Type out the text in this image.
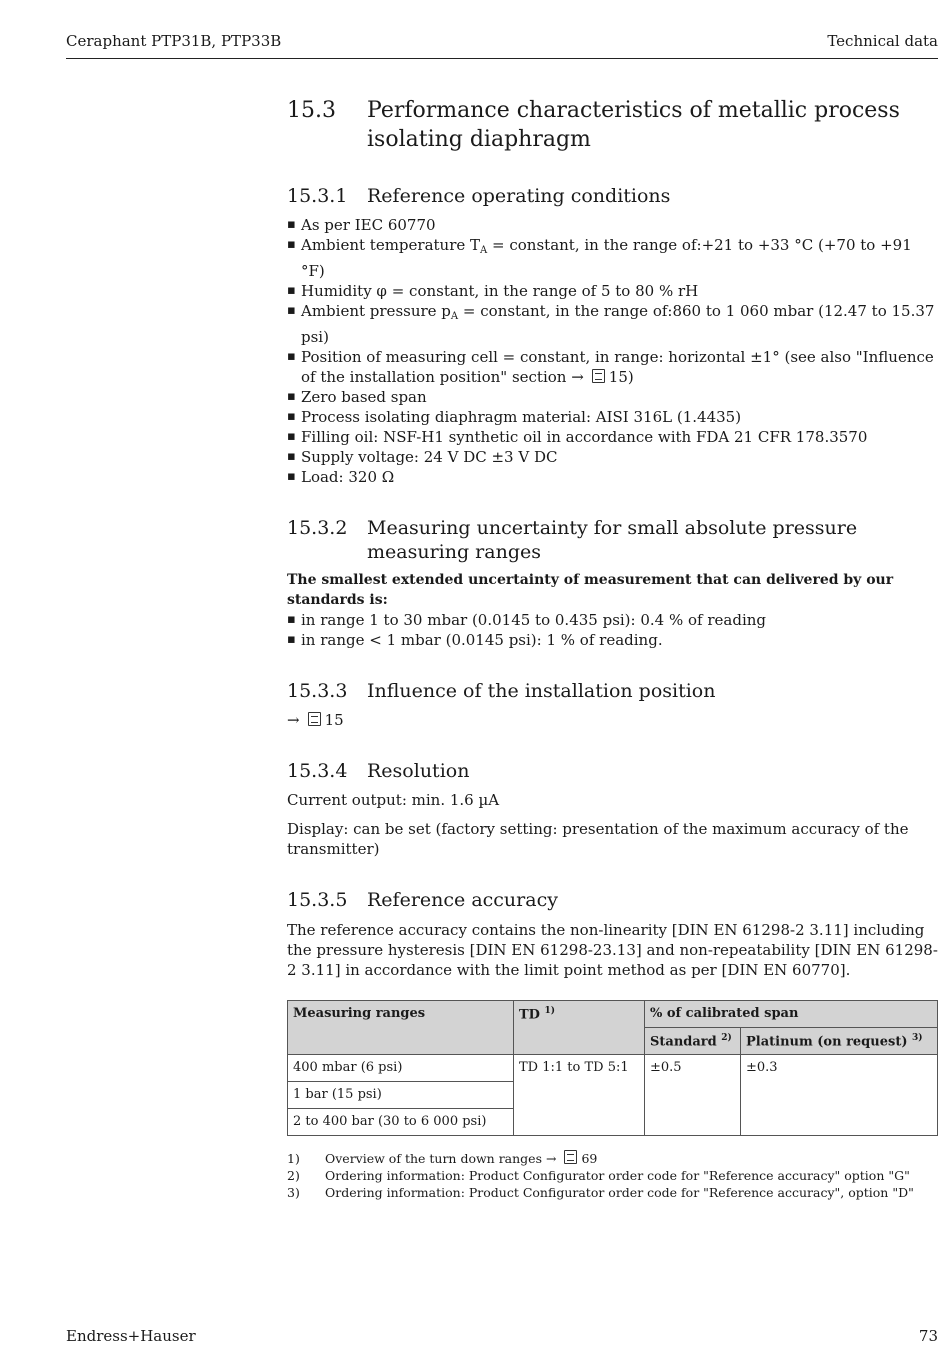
Ceraphant PTP31B, PTP33B	Technical data
15.3	Performance characteristics of metallic process isolating diaphragm
15.3.1	Reference operating conditions
▪ As per IEC 60770
▪ Ambient temperature $T_A$ = constant, in the range of:+21 to +33 °C (+70 to +91 °F)
▪ Humidity φ = constant, in the range of 5 to 80 % rH
▪ Ambient pressure $p_A$ = constant, in the range of:860 to 1 060 mbar (12.47 to 15.37 psi)
▪ Position of measuring cell = constant, in range: horizontal ±1° (see also "Influence of the installation position" section → 15)
▪ Zero based span
▪ Process isolating diaphragm material: AISI 316L (1.4435)
▪ Filling oil: NSF-H1 synthetic oil in accordance with FDA 21 CFR 178.3570
▪ Supply voltage: 24 V DC ±3 V DC
▪ Load: 320 Ω
15.3.2	Measuring uncertainty for small absolute pressure measuring ranges

The smallest extended uncertainty of measurement that can delivered by our standards is:

▪ in range 1 to 30 mbar (0.0145 to 0.435 psi): 0.4 % of reading
▪ in range < 1 mbar (0.0145 psi): 1 % of reading.
15.3.3	Influence of the installation position

→ 15

15.3.4	Resolution

Current output: min. 1.6 µA

Display: can be set (factory setting: presentation of the maximum accuracy of the transmitter)

15.3.5	Reference accuracy

The reference accuracy contains the non-linearity [DIN EN 61298-2 3.11] including the pressure hysteresis [DIN EN 61298-23.13] and non-repeatability [DIN EN 61298-2 3.11] in accordance with the limit point method as per [DIN EN 60770].

Measuring ranges	TD $^{1)}$	% of calibrated span	
		Standard $^{2)}$	Platinum (on request) $^{3)}$
400 mbar (6 psi)	TD 1:1 to TD 5:1	±0.5	±0.3
1 bar (15 psi)			
2 to 400 bar (30 to 6 000 psi)			
1)	Overview of the turn down ranges → 69
2)	Ordering information: Product Configurator order code for "Reference accuracy" option "G"
3)	Ordering information: Product Configurator order code for "Reference accuracy", option "D"
Endress+Hauser	73
